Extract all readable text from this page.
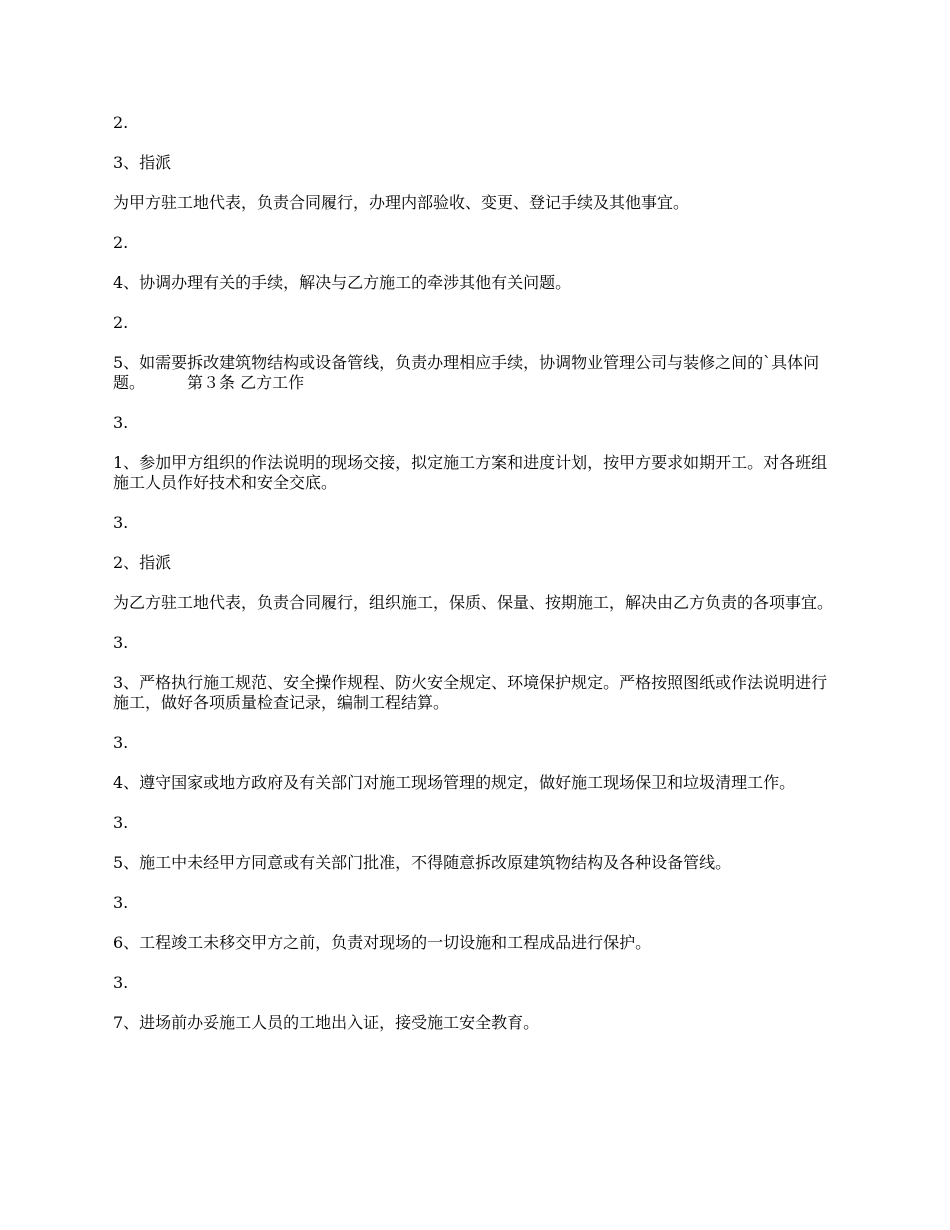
2.

3、指派

为甲方驻工地代表，负责合同履行，办理内部验收、变更、登记手续及其他事宜。

2.

4、协调办理有关的手续，解决与乙方施工的牵涉其他有关问题。

2.

5、如需要拆改建筑物结构或设备管线，负责办理相应手续，协调物业管理公司与装修之间的`具体问题。	第３条 乙方工作

3.

1、参加甲方组织的作法说明的现场交接，拟定施工方案和进度计划，按甲方要求如期开工。对各班组施工人员作好技术和安全交底。

3.

2、指派

为乙方驻工地代表，负责合同履行，组织施工，保质、保量、按期施工，解决由乙方负责的各项事宜。

3.

3、严格执行施工规范、安全操作规程、防火安全规定、环境保护规定。严格按照图纸或作法说明进行施工，做好各项质量检查记录，编制工程结算。

3.

4、遵守国家或地方政府及有关部门对施工现场管理的规定，做好施工现场保卫和垃圾清理工作。

3.

5、施工中未经甲方同意或有关部门批准，不得随意拆改原建筑物结构及各种设备管线。

3.

6、工程竣工未移交甲方之前，负责对现场的一切设施和工程成品进行保护。

3.

7、进场前办妥施工人员的工地出入证，接受施工安全教育。
